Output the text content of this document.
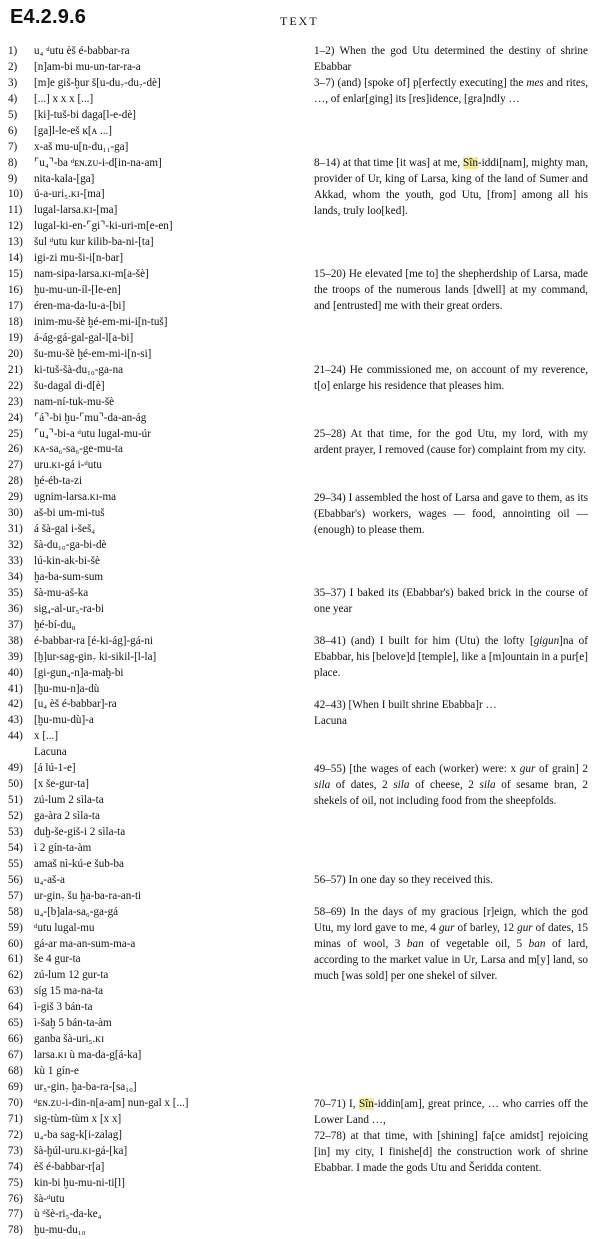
E4.2.9.6	TEXT
1) u₄ ᵈutu èš é-babbar-ra
2) [n]am-bi mu-un-tar-ra-a
3) [m]e giš-ḫur š[u-du₇-du₇-dè]
4) [...] x x x [...]
5) [ki]-tuš-bi daga[l-e-dè]
6) [ga]l-le-eš ĸ[ᴀ ...]
7) x-aš mu-u[n-du₁₁-ga]
8) ⌜u₄⌝-ba ᵈᴇɴ.ᴢᴜ-i-d[in-na-am]
9) nita-kala-[ga]
10) ú-a-uri₅.ᴋɪ-[ma]
11) lugal-larsa.ᴋɪ-[ma]
12) lugal-ki-en-⌜gi⌝-ki-uri-m[e-en]
13) šul ᵈutu kur kilib-ba-ni-[ta]
14) igi-zi mu-ši-i[n-bar]
15) nam-sipa-larsa.ᴋɪ-m[a-šè]
16) ḫu-mu-un-íl-[le-en]
17) éren-ma-da-lu-a-[bi]
18) inim-mu-šè ḫé-em-mi-i[n-tuš]
19) á-ág-gá-gal-gal-l[a-bi]
20) šu-mu-šè ḫé-em-mi-i[n-si]
21) ki-tuš-šà-du₁₀-ga-na
22) šu-dagal di-d[è]
23) nam-ní-tuk-mu-šè
24) ⌜á⌝-bi ḫu-⌜mu⌝-da-an-ág
25) ⌜u₄⌝-bi-a ᵈutu lugal-mu-úr
26) ᴋᴀ-sa₆-sa₆-ge-mu-ta
27) uru.ᴋɪ-gá i-ᵈutu
28) ḫé-éb-ta-zi
29) ugnim-larsa.ᴋɪ-ma
30) aš-bi um-mi-tuš
31) á šà-gal i-šeš₄
32) šà-du₁₀-ga-bi-dè
33) lú-kin-ak-bi-šè
34) ḫa-ba-sum-sum
35) šà-mu-aš-ka
36) sig₄-al-ur₅-ra-bi
37) ḫé-bí-du₈
38) é-babbar-ra [é-ki-ág]-gá-ni
39) [ḫ]ur-sag-gin₇ ki-sikil-[l-la]
40) [gi-gun₄-n]a-maḫ-bi
41) [ḫu-mu-n]a-dù
42) [u₄ èš é-babbar]-ra
43) [ḫu-mu-dù]-a
44) x [...]
Lacuna
49) [á lú-1-e]
50) [x še-gur-ta]
51) zú-lum 2 sìla-ta
52) ga-àra 2 sìla-ta
53) duḫ-še-giš-i 2 sìla-ta
54) ì 2 gín-ta-àm
55) amaš nì-kú-e šub-ba
56) u₄-aš-a
57) ur-gin₇ šu ḫa-ba-ra-an-ti
58) u₄-[b]ala-sa₆-ga-gá
59) ᵈutu lugal-mu
60) gá-ar ma-an-sum-ma-a
61) še 4 gur-ta
62) zú-lum 12 gur-ta
63) síg 15 ma-na-ta
64) ì-giš 3 bán-ta
65) ì-šaḫ 5 bán-ta-àm
66) ganba šà-uri₅.ᴋɪ
67) larsa.ᴋɪ ù ma-da-g[á-ka]
68) kù 1 gín-e
69) ur₅-gin₇ ḫa-ba-ra-[sa₁₀]
70) ᵈᴇɴ.ᴢᴜ-i-din-n[a-am] nun-gal x [...]
71) sig-tùm-tùm x [x x]
72) u₄-ba sag-k[i-zalag]
73) šà-ḫúl-uru.ᴋɪ-gá-[ka]
74) èš é-babbar-r[a]
75) kin-bi ḫu-mu-ni-ti[l]
76) šà-ᵈutu
77) ù ᵈšè-ri₅-da-ke₄
78) ḫu-mu-du₁₀
1–2) When the god Utu determined the destiny of shrine Ebabbar
3–7) (and) [spoke of] p[erfectly executing] the mes and rites, …, of enlar[ging] its [res]idence, [gra]ndly …
8–14) at that time [it was] at me, Sîn-iddi[nam], mighty man, provider of Ur, king of Larsa, king of the land of Sumer and Akkad, whom the youth, god Utu, [from] among all his lands, truly loo[ked].
15–20) He elevated [me to] the shepherdship of Larsa, made the troops of the numerous lands [dwell] at my command, and [entrusted] me with their great orders.
21–24) He commissioned me, on account of my reverence, t[o] enlarge his residence that pleases him.
25–28) At that time, for the god Utu, my lord, with my ardent prayer, I removed (cause for) complaint from my city.
29–34) I assembled the host of Larsa and gave to them, as its (Ebabbar's) workers, wages — food, annointing oil — (enough) to please them.
35–37) I baked its (Ebabbar's) baked brick in the course of one year
38–41) (and) I built for him (Utu) the lofty [gigun]na of Ebabbar, his [belove]d [temple], like a [m]ountain in a pur[e] place.
42–43) [When I built shrine Ebabba]r …
Lacuna
49–55) [the wages of each (worker) were: x gur of grain] 2 sila of dates, 2 sila of cheese, 2 sila of sesame bran, 2 shekels of oil, not including food from the sheepfolds.
56–57) In one day so they received this.
58–69) In the days of my gracious [r]eign, which the god Utu, my lord gave to me, 4 gur of barley, 12 gur of dates, 15 minas of wool, 3 ban of vegetable oil, 5 ban of lard, according to the market value in Ur, Larsa and m[y] land, so much [was sold] per one shekel of silver.
70–71) I, Sîn-iddin[am], great prince, … who carries off the Lower Land …,
72–78) at that time, with [shining] fa[ce amidst] rejoicing [in] my city, I finishe[d] the construction work of shrine Ebabbar. I made the gods Utu and Šeridda content.
